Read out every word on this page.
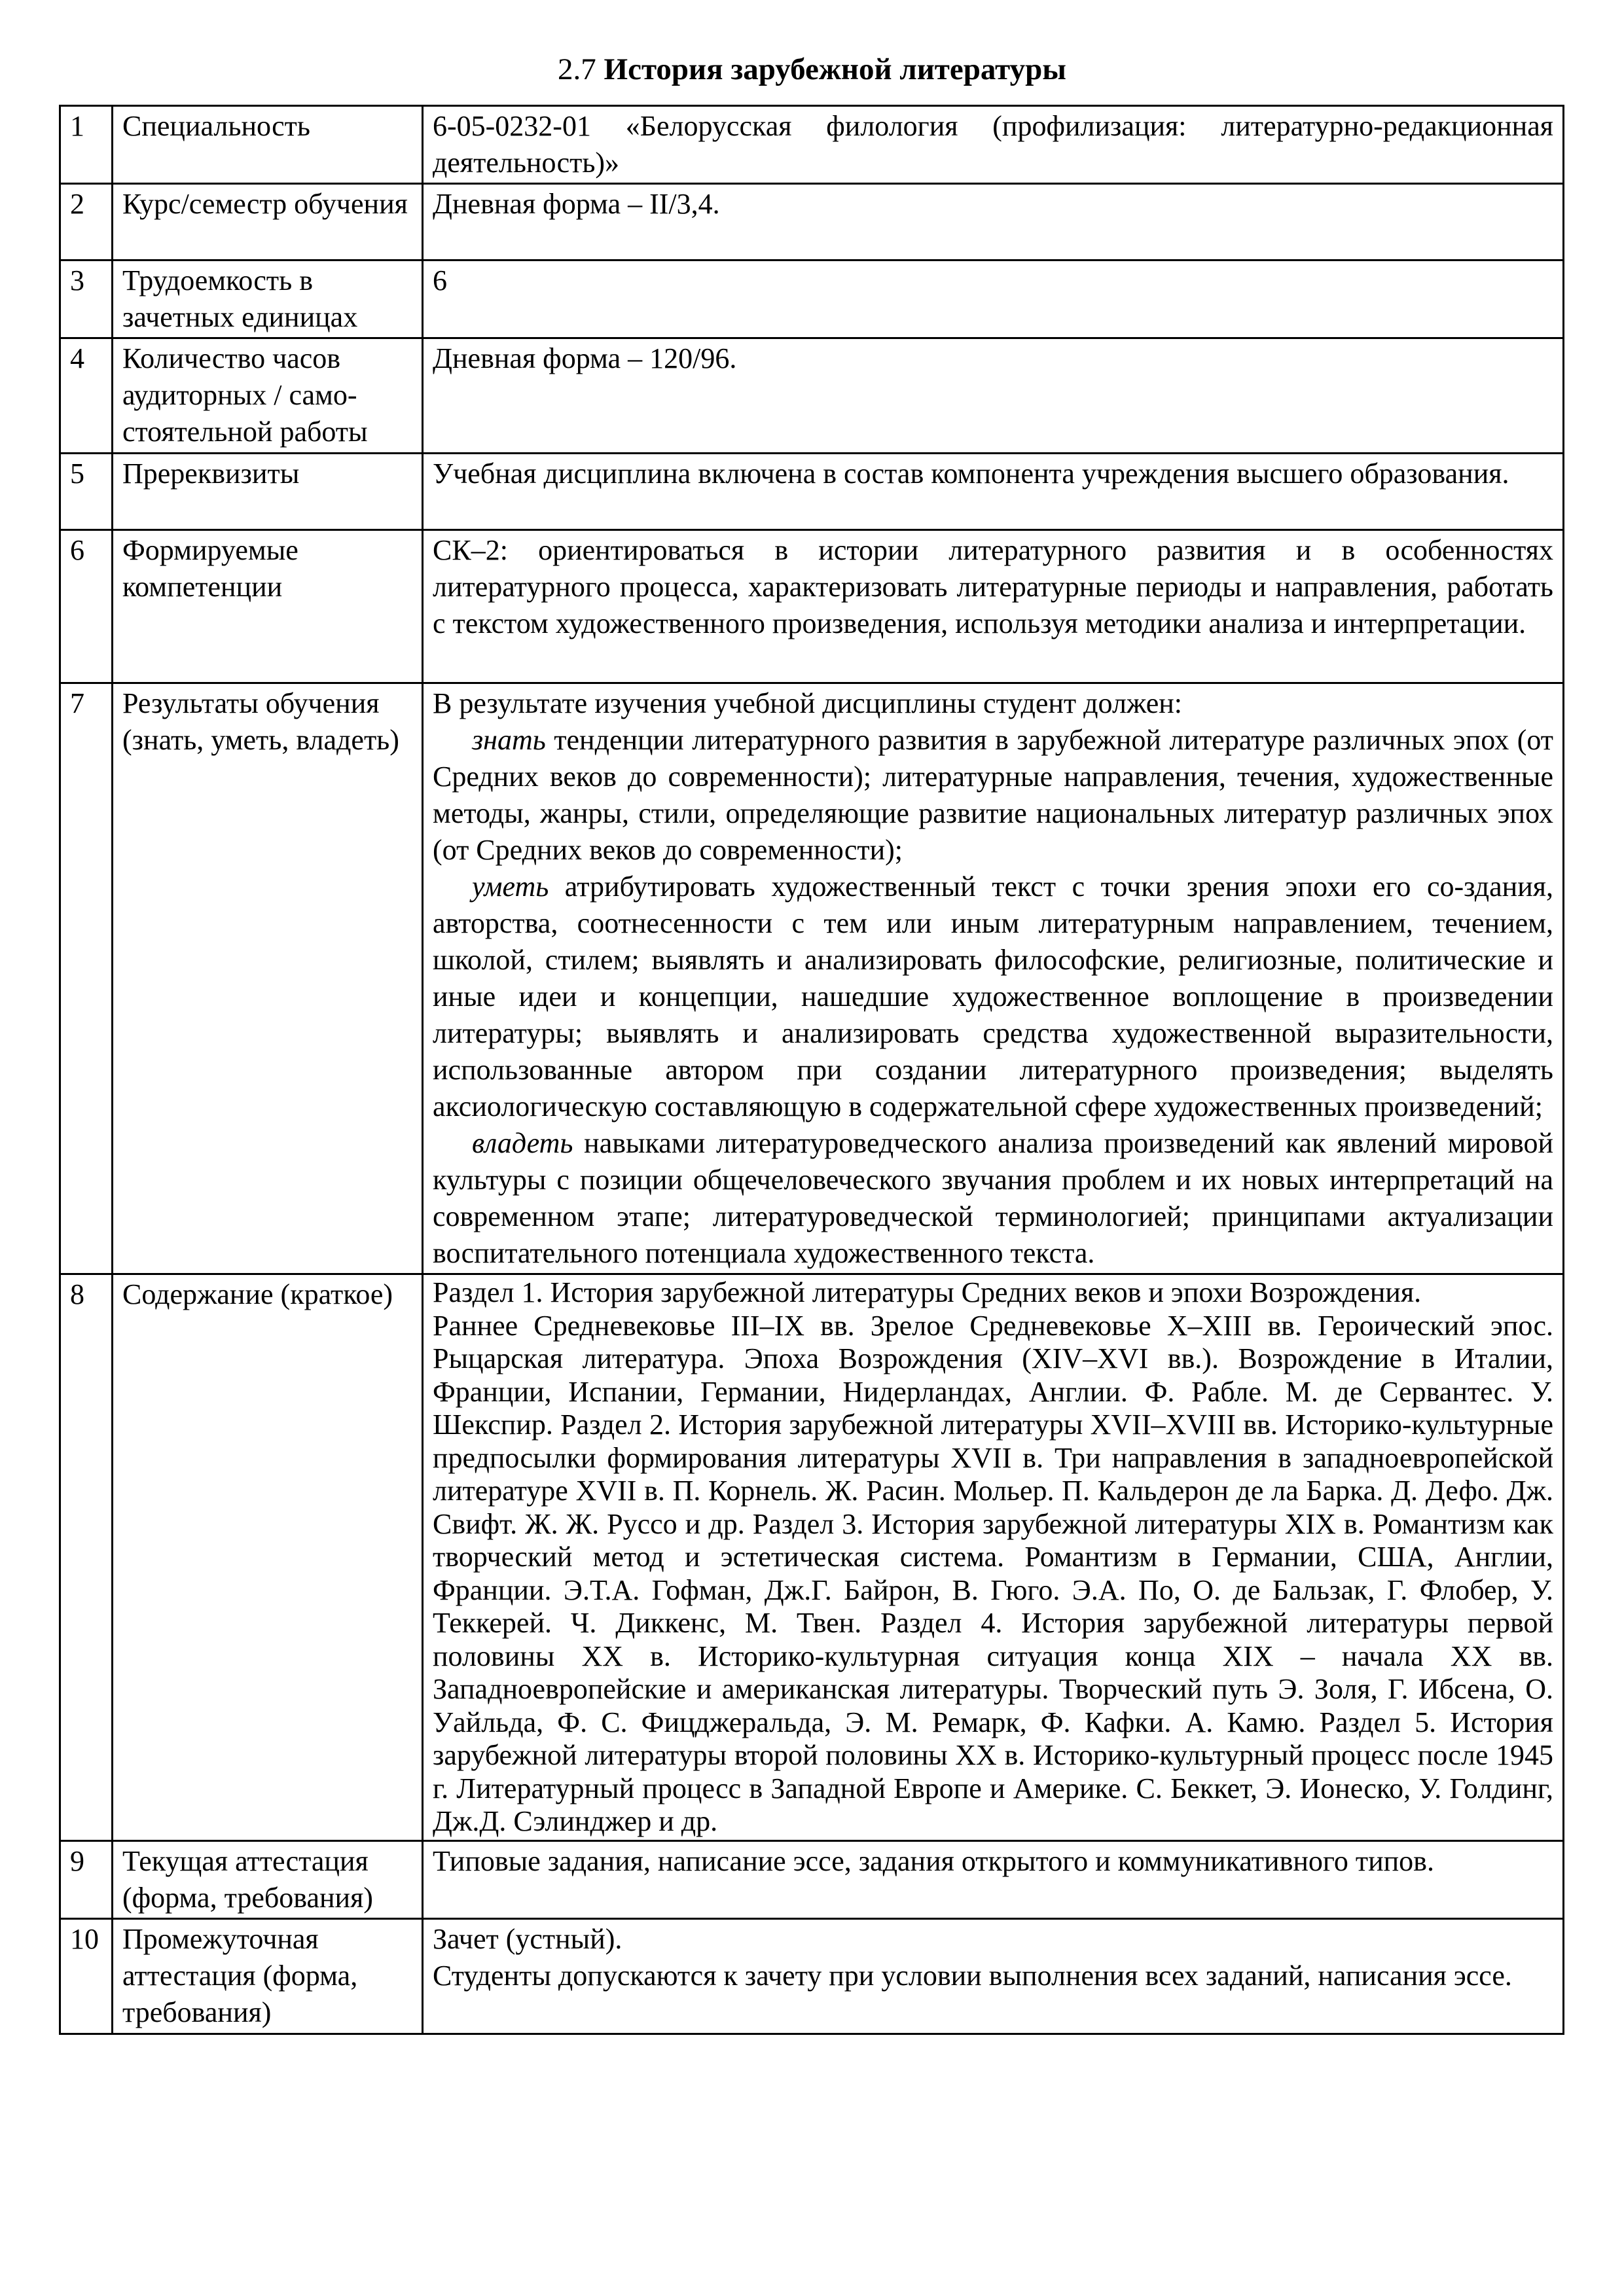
2.7 История зарубежной литературы
1	Специальность	6-05-0232-01 «Белорусская филология (профилизация: литературно-редакционная деятельность)»
2	Курс/семестр обучения	Дневная форма – II/3,4.
3	Трудоемкость в зачетных единицах	6
4	Количество часов аудиторных / само-стоятельной работы	Дневная форма – 120/96.
5	Пререквизиты	Учебная дисциплина включена в состав компонента учреждения высшего образования.
6	Формируемые компетенции	СК–2: ориентироваться в истории литературного развития и в особенностях литературного процесса, характеризовать литературные периоды и направления, работать с текстом художественного произведения, используя методики анализа и интерпретации.
7	Результаты обучения (знать, уметь, владеть)	В результате изучения учебной дисциплины студент должен:

знать тенденции литературного развития в зарубежной литературе различных эпох (от Средних веков до современности); литературные направления, течения, художественные методы, жанры, стили, определяющие развитие национальных литератур различных эпох (от Средних веков до современности);

уметь атрибутировать художественный текст с точки зрения эпохи его со-здания, авторства, соотнесенности с тем или иным литературным направлением, течением, школой, стилем; выявлять и анализировать философские, религиозные, политические и иные идеи и концепции, нашедшие художественное воплощение в произведении литературы; выявлять и анализировать средства художественной выразительности, использованные автором при создании литературного произведения; выделять аксиологическую составляющую в содержательной сфере художественных произведений;

владеть навыками литературоведческого анализа произведений как явлений мировой культуры с позиции общечеловеческого звучания проблем и их новых интерпретаций на современном этапе; литературоведческой терминологией; принципами актуализации воспитательного потенциала художественного текста.

8	Содержание (краткое)	Раздел 1. История зарубежной литературы Средних веков и эпохи Возрождения.

Раннее Средневековье III–IX вв. Зрелое Средневековье X–XIII вв. Героический эпос. Рыцарская литература. Эпоха Возрождения (XIV–XVI вв.). Возрождение в Италии, Франции, Испании, Германии, Нидерландах, Англии. Ф. Рабле. М. де Сервантес. У. Шекспир. Раздел 2. История зарубежной литературы XVII–XVIII вв. Историко-культурные предпосылки формирования литературы XVII в. Три направления в западноевропейской литературе XVII в. П. Корнель. Ж. Расин. Мольер. П. Кальдерон де ла Барка. Д. Дефо. Дж. Свифт. Ж. Ж. Руссо и др. Раздел 3. История зарубежной литературы XIX в. Романтизм как творческий метод и эстетическая система. Романтизм в Германии, США, Англии, Франции. Э.Т.А. Гофман, Дж.Г. Байрон, В. Гюго. Э.А. По, О. де Бальзак, Г. Флобер, У. Теккерей. Ч. Диккенс, М. Твен. Раздел 4. История зарубежной литературы первой половины XX в. Историко-культурная ситуация конца XIX – начала XX вв. Западноевропейские и американская литературы. Творческий путь Э. Золя, Г. Ибсена, О. Уайльда, Ф. С. Фицджеральда, Э. М. Ремарк, Ф. Кафки. А. Камю. Раздел 5. История зарубежной литературы второй половины XX в. Историко-культурный процесс после 1945 г. Литературный процесс в Западной Европе и Америке. С. Беккет, Э. Ионеско, У. Голдинг, Дж.Д. Сэлинджер и др.

9	Текущая аттестация (форма, требования)	Типовые задания, написание эссе, задания открытого и коммуникативного типов.
10	Промежуточная аттестация (форма, требования)	Зачет (устный).

Студенты допускаются к зачету при условии выполнения всех заданий, написания эссе.
